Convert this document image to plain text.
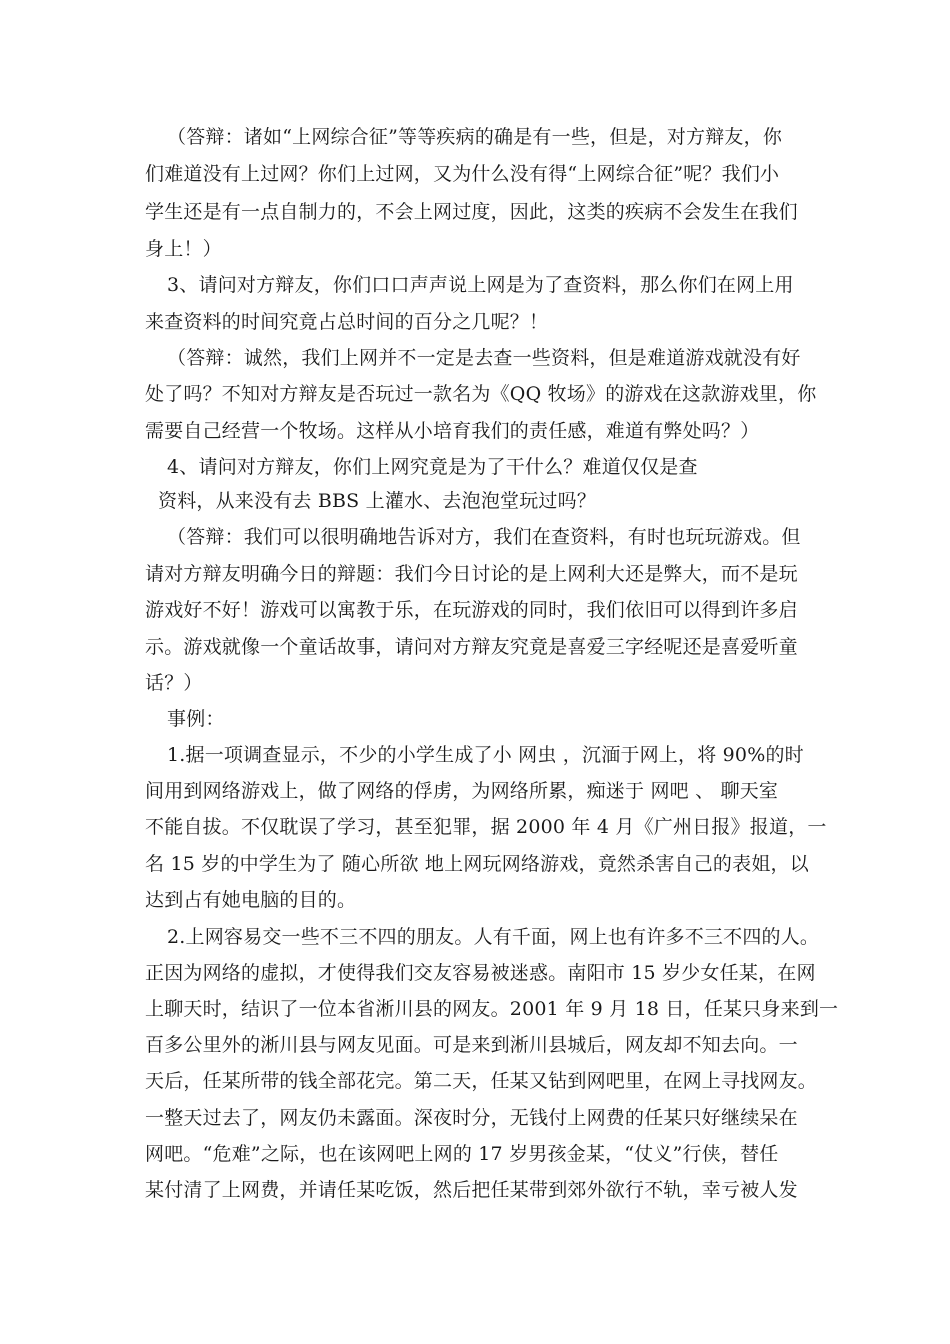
（答辩：诸如“上网综合征”等等疾病的确是有一些，但是，对方辩友，你
们难道没有上过网？你们上过网，又为什么没有得“上网综合征”呢？我们小
学生还是有一点自制力的，不会上网过度，因此，这类的疾病不会发生在我们
身上！）
3、请问对方辩友，你们口口声声说上网是为了查资料，那么你们在网上用
来查资料的时间究竟占总时间的百分之几呢？！
（答辩：诚然，我们上网并不一定是去查一些资料，但是难道游戏就没有好
处了吗？不知对方辩友是否玩过一款名为《QQ 牧场》的游戏在这款游戏里，你
需要自己经营一个牧场。这样从小培育我们的责任感，难道有弊处吗？）
4、请问对方辩友，你们上网究竟是为了干什么？难道仅仅是查
资料，从来没有去 BBS 上灌水、去泡泡堂玩过吗？
（答辩：我们可以很明确地告诉对方，我们在查资料，有时也玩玩游戏。但
请对方辩友明确今日的辩题：我们今日讨论的是上网利大还是弊大，而不是玩
游戏好不好！游戏可以寓教于乐，在玩游戏的同时，我们依旧可以得到许多启
示。游戏就像一个童话故事，请问对方辩友究竟是喜爱三字经呢还是喜爱听童
话？）
事例：
1.据一项调查显示，不少的小学生成了小 网虫 ，沉湎于网上，将 90%的时
间用到网络游戏上，做了网络的俘虏，为网络所累，痴迷于 网吧 、 聊天室
不能自拔。不仅耽误了学习，甚至犯罪，据 2000 年 4 月《广州日报》报道，一
名 15 岁的中学生为了 随心所欲 地上网玩网络游戏，竟然杀害自己的表姐，以
达到占有她电脑的目的。
2.上网容易交一些不三不四的朋友。人有千面，网上也有许多不三不四的人。
正因为网络的虚拟，才使得我们交友容易被迷惑。南阳市 15 岁少女任某，在网
上聊天时，结识了一位本省淅川县的网友。2001 年 9 月 18 日，任某只身来到一
百多公里外的淅川县与网友见面。可是来到淅川县城后，网友却不知去向。一
天后，任某所带的钱全部花完。第二天，任某又钻到网吧里，在网上寻找网友。
一整天过去了，网友仍未露面。深夜时分，无钱付上网费的任某只好继续呆在
网吧。“危难”之际，也在该网吧上网的 17 岁男孩金某，“仗义”行侠，替任
某付清了上网费，并请任某吃饭，然后把任某带到郊外欲行不轨，幸亏被人发
